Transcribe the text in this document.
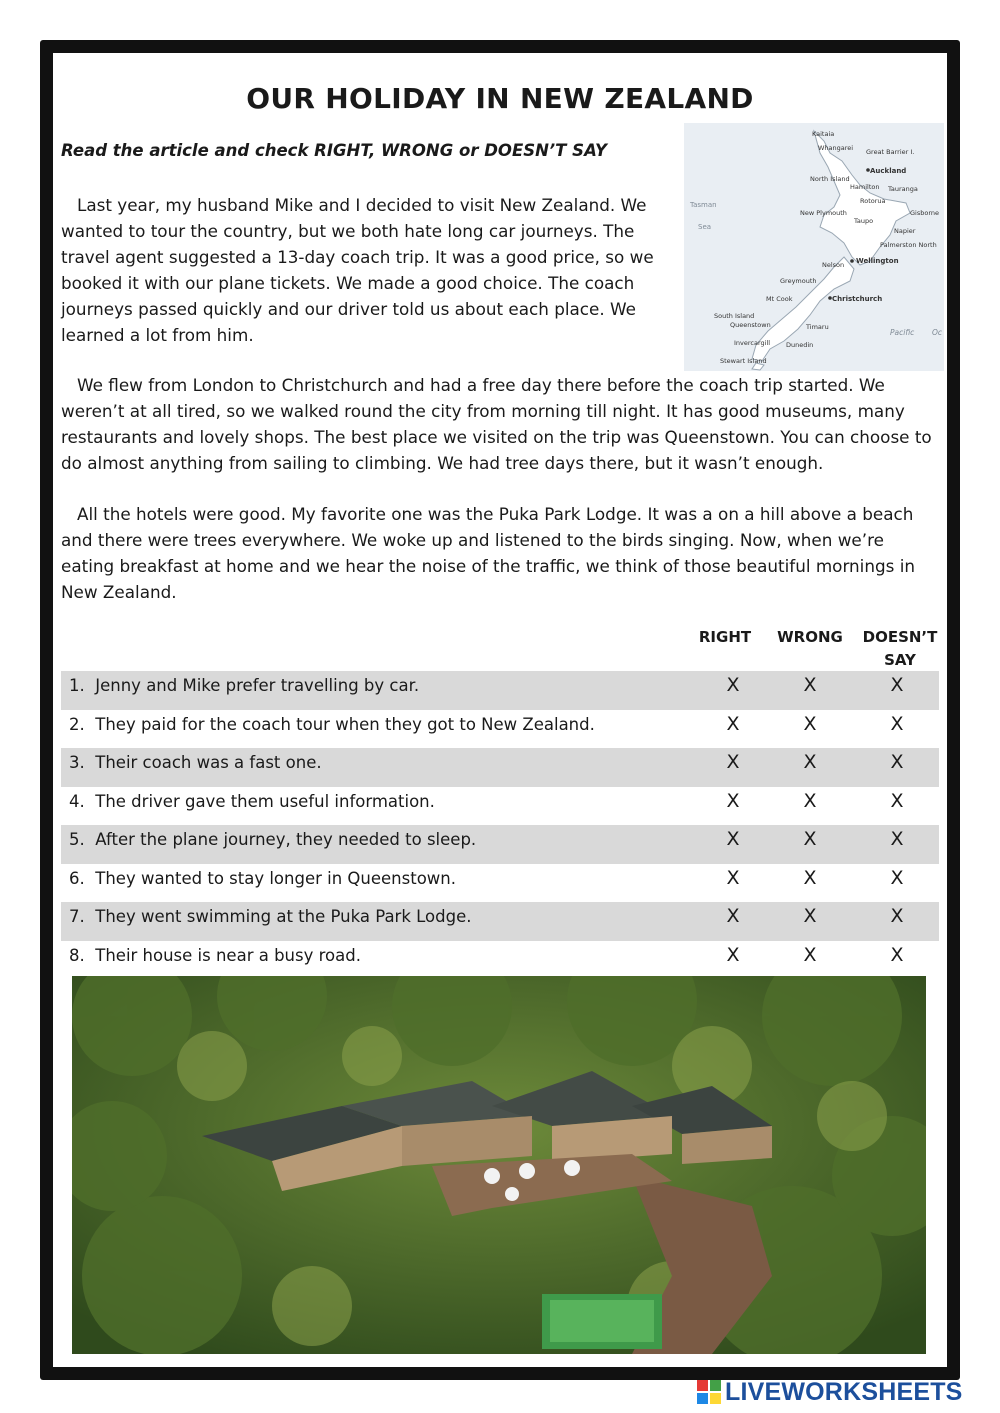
OUR HOLIDAY IN NEW ZEALAND
Read the article and check RIGHT, WRONG or DOESN’T SAY

Last year, my husband Mike and I decided to visit New Zealand. We wanted to tour the country, but we both hate long car journeys. The travel agent suggested a 13-day coach trip. It was a good price, so we booked it with our plane tickets. We made a good choice. The coach journeys passed quickly and our driver told us about each place. We learned a lot from him.

We flew from London to Christchurch and had a free day there before the coach trip started. We weren’t at all tired, so we walked round the city from morning till night. It has good museums, many restaurants and lovely shops. The best place we visited on the trip was Queenstown. You can choose to do almost anything from sailing to climbing. We had tree days there, but it wasn’t enough.

All the hotels were good. My favorite one was the Puka Park Lodge. It was a on a hill above a beach and there were trees everywhere. We woke up and listened to the birds singing. Now, when we’re eating breakfast at home and we hear the noise of the traffic, we think of those beautiful mornings in New Zealand.

Kaitaia
Whangarei Great Barrier I.
Auckland
North Island
Hamilton Tauranga
Rotorua
Gisborne
Tasman
Sea
New Plymouth
Taupo
Napier
Palmerston North
Wellington
Nelson
Greymouth
Christchurch
Mt Cook
South Island
Queenstown	Timaru
Dunedin
Invercargill
Stewart Island
Pacific Oc
RIGHT	WRONG	DOESN’T
SAY
1. Jenny and Mike prefer travelling by car.	X	X	X
2. They paid for the coach tour when they got to New Zealand.	X	X	X
3. Their coach was a fast one.	X	X	X
4. The driver gave them useful information.	X	X	X
5. After the plane journey, they needed to sleep.	X	X	X
6. They wanted to stay longer in Queenstown.	X	X	X
7. They went swimming at the Puka Park Lodge.	X	X	X
8. Their house is near a busy road.	X	X	X
LIVEWORKSHEETS
